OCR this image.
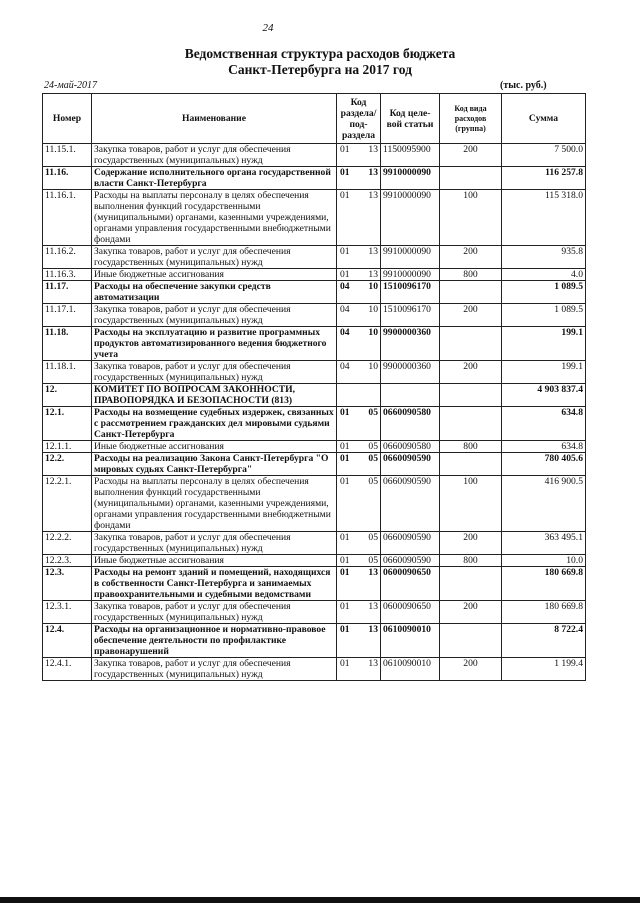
24
Ведомственная структура расходов бюджета
Санкт-Петербурга на 2017 год
24-май-2017	(тыс. руб.)
Номер	Наименование	Код раздела/ под- раздела	Код целе- вой статьи	Код вида расходов (группа)	Сумма
11.15.1.	Закупка товаров, работ и услуг для обеспечения государственных (муниципальных) нужд	01 13	1150095900	200	7 500.0
11.16.	Содержание исполнительного органа государственной власти Санкт-Петербурга	01 13	9910000090		116 257.8
11.16.1.	Расходы на выплаты персоналу в целях обеспечения выполнения функций государственными (муниципальными) органами, казенными учреждениями, органами управления государственными внебюджетными фондами	01 13	9910000090	100	115 318.0
11.16.2.	Закупка товаров, работ и услуг для обеспечения государственных (муниципальных) нужд	01 13	9910000090	200	935.8
11.16.3.	Иные бюджетные ассигнования	01 13	9910000090	800	4.0
11.17.	Расходы на обеспечение закупки средств автоматизации	04 10	1510096170		1 089.5
11.17.1.	Закупка товаров, работ и услуг для обеспечения государственных (муниципальных) нужд	04 10	1510096170	200	1 089.5
11.18.	Расходы на эксплуатацию и развитие программных продуктов автоматизированного ведения бюджетного учета	04 10	9900000360		199.1
11.18.1.	Закупка товаров, работ и услуг для обеспечения государственных (муниципальных) нужд	04 10	9900000360	200	199.1
12.	КОМИТЕТ ПО ВОПРОСАМ ЗАКОННОСТИ, ПРАВОПОРЯДКА И БЕЗОПАСНОСТИ (813)				4 903 837.4
12.1.	Расходы на возмещение судебных издержек, связанных с рассмотрением гражданских дел мировыми судьями Санкт-Петербурга	01 05	0660090580		634.8
12.1.1.	Иные бюджетные ассигнования	01 05	0660090580	800	634.8
12.2.	Расходы на реализацию Закона Санкт-Петербурга "О мировых судьях Санкт-Петербурга"	01 05	0660090590		780 405.6
12.2.1.	Расходы на выплаты персоналу в целях обеспечения выполнения функций государственными (муниципальными) органами, казенными учреждениями, органами управления государственными внебюджетными фондами	01 05	0660090590	100	416 900.5
12.2.2.	Закупка товаров, работ и услуг для обеспечения государственных (муниципальных) нужд	01 05	0660090590	200	363 495.1
12.2.3.	Иные бюджетные ассигнования	01 05	0660090590	800	10.0
12.3.	Расходы на ремонт зданий и помещений, находящихся в собственности Санкт-Петербурга и занимаемых правоохранительными и судебными ведомствами	01 13	0600090650		180 669.8
12.3.1.	Закупка товаров, работ и услуг для обеспечения государственных (муниципальных) нужд	01 13	0600090650	200	180 669.8
12.4.	Расходы на организационное и нормативно-правовое обеспечение деятельности по профилактике правонарушений	01 13	0610090010		8 722.4
12.4.1.	Закупка товаров, работ и услуг для обеспечения государственных (муниципальных) нужд	01 13	0610090010	200	1 199.4
